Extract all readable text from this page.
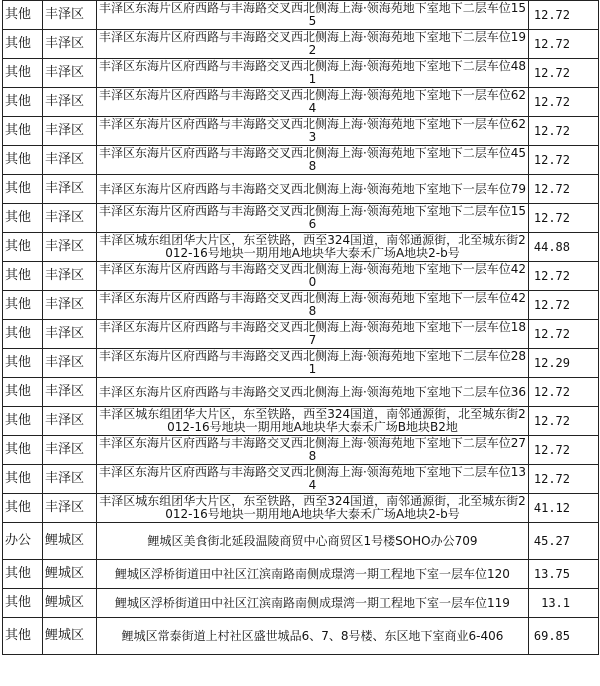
其他	丰泽区	丰泽区东海片区府西路与丰海路交叉西北侧海上海·领海苑地下室地下二层车位155	12.72
其他	丰泽区	丰泽区东海片区府西路与丰海路交叉西北侧海上海·领海苑地下室地下二层车位192	12.72
其他	丰泽区	丰泽区东海片区府西路与丰海路交叉西北侧海上海·领海苑地下室地下二层车位481	12.72
其他	丰泽区	丰泽区东海片区府西路与丰海路交叉西北侧海上海·领海苑地下室地下一层车位624	12.72
其他	丰泽区	丰泽区东海片区府西路与丰海路交叉西北侧海上海·领海苑地下室地下一层车位623	12.72
其他	丰泽区	丰泽区东海片区府西路与丰海路交叉西北侧海上海·领海苑地下室地下二层车位458	12.72
其他	丰泽区	丰泽区东海片区府西路与丰海路交叉西北侧海上海·领海苑地下室地下一层车位79	12.72
其他	丰泽区	丰泽区东海片区府西路与丰海路交叉西北侧海上海·领海苑地下室地下二层车位156	12.72
其他	丰泽区	丰泽区城东组团华大片区，东至铁路，西至324国道，南邻通源街，北至城东街2012-16号地块一期用地A地块华大泰禾广场A地块2-b号	44.88
其他	丰泽区	丰泽区东海片区府西路与丰海路交叉西北侧海上海·领海苑地下室地下一层车位420	12.72
其他	丰泽区	丰泽区东海片区府西路与丰海路交叉西北侧海上海·领海苑地下室地下一层车位428	12.72
其他	丰泽区	丰泽区东海片区府西路与丰海路交叉西北侧海上海·领海苑地下室地下一层车位187	12.72
其他	丰泽区	丰泽区东海片区府西路与丰海路交叉西北侧海上海·领海苑地下室地下二层车位281	12.29
其他	丰泽区	丰泽区东海片区府西路与丰海路交叉西北侧海上海·领海苑地下室地下二层车位36	12.72
其他	丰泽区	丰泽区城东组团华大片区，东至铁路，西至324国道，南邻通源街，北至城东街2012-16号地块一期用地A地块华大泰禾广场B地块B2地	12.72
其他	丰泽区	丰泽区东海片区府西路与丰海路交叉西北侧海上海·领海苑地下室地下二层车位278	12.72
其他	丰泽区	丰泽区东海片区府西路与丰海路交叉西北侧海上海·领海苑地下室地下二层车位134	12.72
其他	丰泽区	丰泽区城东组团华大片区，东至铁路，西至324国道，南邻通源街，北至城东街2012-16号地块一期用地A地块华大泰禾广场A地块2-b号	41.12
办公	鲤城区	鲤城区美食街北延段温陵商贸中心商贸区1号楼SOHO办公709	45.27
其他	鲤城区	鲤城区浮桥街道田中社区江滨南路南侧成璟湾一期工程地下室一层车位120	13.75
其他	鲤城区	鲤城区浮桥街道田中社区江滨南路南侧成璟湾一期工程地下室一层车位119	13.1
其他	鲤城区	鲤城区常泰街道上村社区盛世城品6、7、8号楼、东区地下室商业6-406	69.85
